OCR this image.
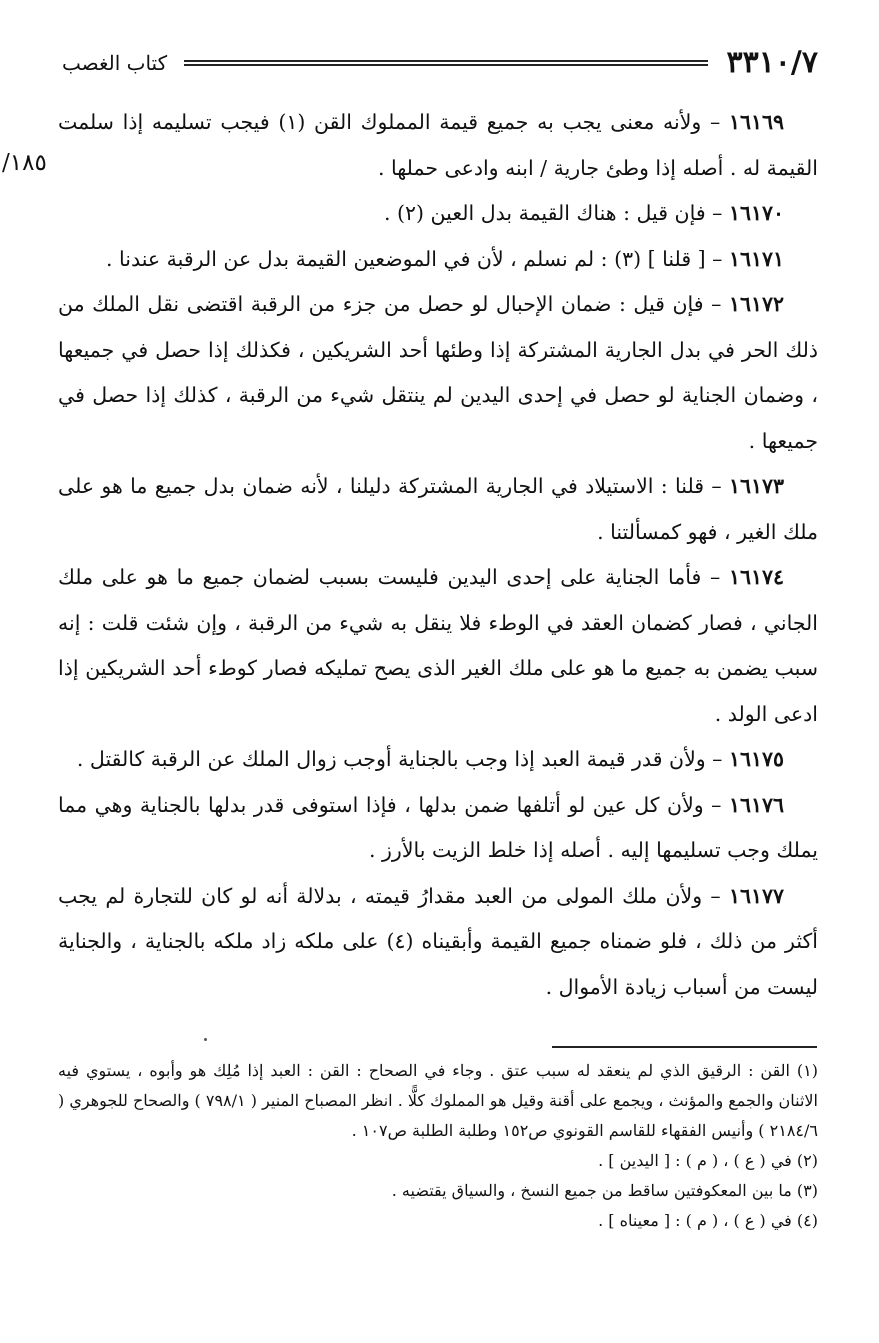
٣٣١٠/٧
كتاب الغصب
١٨٥/

١٦١٦٩ – ولأنه معنى يجب به جميع قيمة المملوك القن (١) فيجب تسليمه إذا سلمت القيمة له . أصله إذا وطئ جارية / ابنه وادعى حملها .

١٦١٧٠ – فإن قيل : هناك القيمة بدل العين (٢) .

١٦١٧١ – [ قلنا ] (٣) : لم نسلم ، لأن في الموضعين القيمة بدل عن الرقبة عندنا .

١٦١٧٢ – فإن قيل : ضمان الإحبال لو حصل من جزء من الرقبة اقتضى نقل الملك من ذلك الحر في بدل الجارية المشتركة إذا وطئها أحد الشريكين ، فكذلك إذا حصل في جميعها ، وضمان الجناية لو حصل في إحدى اليدين لم ينتقل شيء من الرقبة ، كذلك إذا حصل في جميعها .

١٦١٧٣ – قلنا : الاستيلاد في الجارية المشتركة دليلنا ، لأنه ضمان بدل جميع ما هو على ملك الغير ، فهو كمسألتنا .

١٦١٧٤ – فأما الجناية على إحدى اليدين فليست بسبب لضمان جميع ما هو على ملك الجاني ، فصار كضمان العقد في الوطء فلا ينقل به شيء من الرقبة ، وإن شئت قلت : إنه سبب يضمن به جميع ما هو على ملك الغير الذى يصح تمليكه فصار كوطء أحد الشريكين إذا ادعى الولد .

١٦١٧٥ – ولأن قدر قيمة العبد إذا وجب بالجناية أوجب زوال الملك عن الرقبة كالقتل .

١٦١٧٦ – ولأن كل عين لو أتلفها ضمن بدلها ، فإذا استوفى قدر بدلها بالجناية وهي مما يملك وجب تسليمها إليه . أصله إذا خلط الزيت بالأرز .

١٦١٧٧ – ولأن ملك المولى من العبد مقدارُ قيمته ، بدلالة أنه لو كان للتجارة لم يجب أكثر من ذلك ، فلو ضمناه جميع القيمة وأبقيناه (٤) على ملكه زاد ملكه بالجناية ، والجناية ليست من أسباب زيادة الأموال .

(١) القن : الرقيق الذي لم ينعقد له سبب عتق . وجاء في الصحاح : القن : العبد إذا مُلِك هو وأبوه ، يستوي فيه الاثنان والجمع والمؤنث ، ويجمع على أقنة وقيل هو المملوك كلًّا . انظر المصباح المنير ( ٧٩٨/١ ) والصحاح للجوهري ( ٢١٨٤/٦ ) وأنيس الفقهاء للقاسم القونوي ص١٥٢ وطلبة الطلبة ص١٠٧ .

(٢) في ( ع ) ، ( م ) : [ اليدين ] .

(٣) ما بين المعكوفتين ساقط من جميع النسخ ، والسياق يقتضيه .

(٤) في ( ع ) ، ( م ) : [ معيناه ] .
